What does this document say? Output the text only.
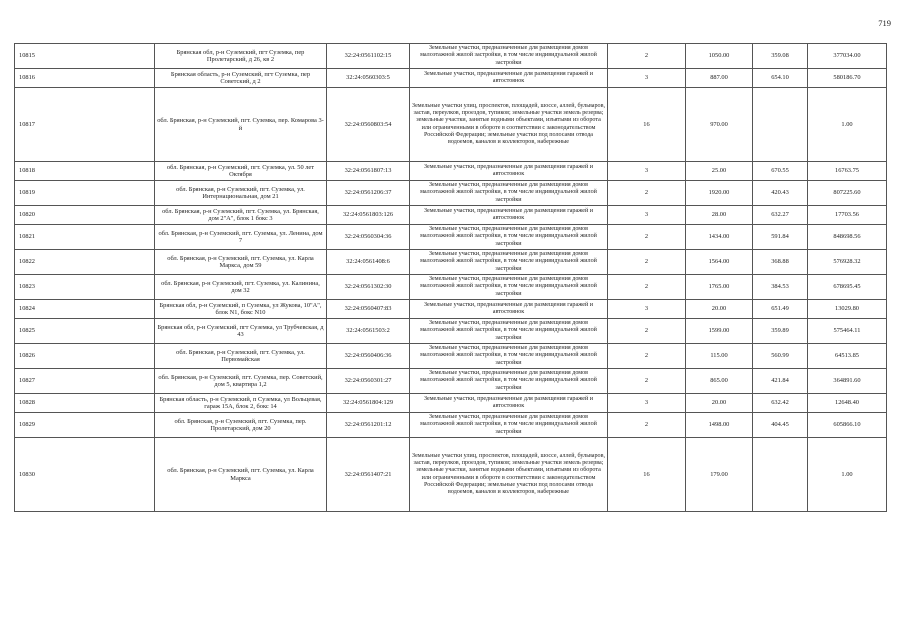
719
10815	Брянская обл, р-н Суземский, пгт Суземка, пер Пролетарский, д 26, кв 2	32:24:0561102:15	Земельные участки, предназначенные для размещения домов малоэтажной жилой застройки, в том числе индивидуальной жилой застройки	2	1050.00	359.08	377034.00
10816	Брянская область, р-н Суземский, пгт Суземка, пер Советский, д 2	32:24:0560303:5	Земельные участки, предназначенные для размещения гаражей и автостоянок	3	887.00	654.10	580186.70
10817	обл. Брянская, р-н Суземский, пгт. Суземка, пер. Комарова 3-й	32:24:0560803:54	Земельные участки улиц, проспектов, площадей, шоссе, аллей, бульваров, застав, переулков, проездов, тупиков; земельные участки земель резерва; земельные участки, занятые водными объектами, изъятыми из оборота или ограниченными в обороте в соответствии с законодательством Российской Федерации; земельные участки под полосами отвода водоемов, каналов и коллекторов, набережные	16	970.00		1.00
10818	обл. Брянская, р-н Суземский, пгт. Суземка, ул. 50 лет Октября	32:24:0561807:13	Земельные участки, предназначенные для размещения гаражей и автостоянок	3	25.00	670.55	16763.75
10819	обл. Брянская, р-н Суземский, пгт. Суземка, ул. Интернациональная, дом 21	32:24:0561206:37	Земельные участки, предназначенные для размещения домов малоэтажной жилой застройки, в том числе индивидуальной жилой застройки	2	1920.00	420.43	807225.60
10820	обл. Брянская, р-н Суземский, пгт. Суземка, ул. Брянская, дом 2"А", блок 1 бокс 3	32:24:0561803:126	Земельные участки, предназначенные для размещения гаражей и автостоянок	3	28.00	632.27	17703.56
10821	обл. Брянская, р-н Суземский, пгт. Суземка, ул. Ленина, дом 7	32:24:0560304:36	Земельные участки, предназначенные для размещения домов малоэтажной жилой застройки, в том числе индивидуальной жилой застройки	2	1434.00	591.84	848698.56
10822	обл. Брянская, р-н Суземский, пгт. Суземка, ул. Карла Маркса, дом 59	32:24:0561408:6	Земельные участки, предназначенные для размещения домов малоэтажной жилой застройки, в том числе индивидуальной жилой застройки	2	1564.00	368.88	576928.32
10823	обл. Брянская, р-н Суземский, пгт. Суземка, ул. Калинина, дом 32	32:24:0561302:30	Земельные участки, предназначенные для размещения домов малоэтажной жилой застройки, в том числе индивидуальной жилой застройки	2	1765.00	384.53	678695.45
10824	Брянская обл, р-н Суземский, п Суземка, ул Жукова, 10"А", блок N1, бокс N10	32:24:0560407:83	Земельные участки, предназначенные для размещения гаражей и автостоянок	3	20.00	651.49	13029.80
10825	Брянская обл, р-н Суземский, пгт Суземка, ул Трубчевская, д 43	32:24:0561503:2	Земельные участки, предназначенные для размещения домов малоэтажной жилой застройки, в том числе индивидуальной жилой застройки	2	1599.00	359.89	575464.11
10826	обл. Брянская, р-н Суземский, пгт. Суземка, ул. Первомайская	32:24:0560406:36	Земельные участки, предназначенные для размещения домов малоэтажной жилой застройки, в том числе индивидуальной жилой застройки	2	115.00	560.99	64513.85
10827	обл. Брянская, р-н Суземский, пгт. Суземка, пер. Советский, дом 5, квартира 1,2	32:24:0560301:27	Земельные участки, предназначенные для размещения домов малоэтажной жилой застройки, в том числе индивидуальной жилой застройки	2	865.00	421.84	364891.60
10828	Брянская область, р-н Суземский, п Суземка, ул Вольцевая, гараж 15А, блок 2, бокс 14	32:24:0561804:129	Земельные участки, предназначенные для размещения гаражей и автостоянок	3	20.00	632.42	12648.40
10829	обл. Брянская, р-н Суземский, пгт. Суземка, пер. Пролетарский, дом 20	32:24:0561201:12	Земельные участки, предназначенные для размещения домов малоэтажной жилой застройки, в том числе индивидуальной жилой застройки	2	1498.00	404.45	605866.10
10830	обл. Брянская, р-н Суземский, пгт. Суземка, ул. Карла Маркса	32:24:0561407:21	Земельные участки улиц, проспектов, площадей, шоссе, аллей, бульваров, застав, переулков, проездов, тупиков; земельные участки земель резерва; земельные участки, занятые водными объектами, изъятыми из оборота или ограниченными в обороте в соответствии с законодательством Российской Федерации; земельные участки под полосами отвода водоемов, каналов и коллекторов, набережные	16	179.00		1.00
